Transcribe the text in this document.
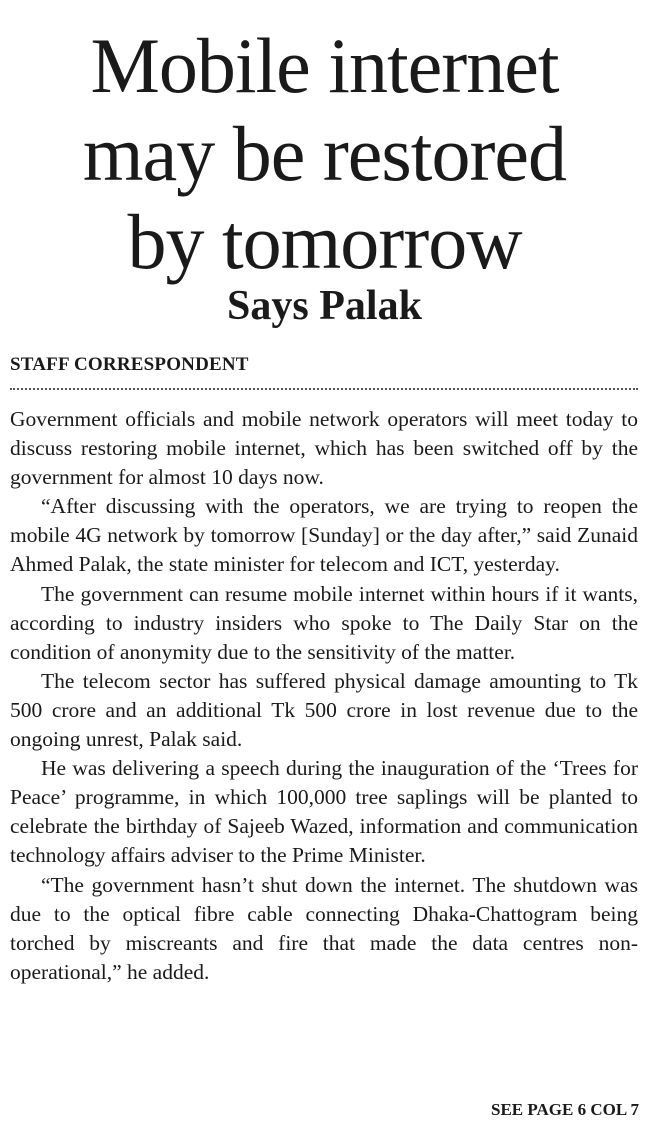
Mobile internet
may be restored
by tomorrow
Says Palak
STAFF CORRESPONDENT

Government officials and mobile network operators will meet today to discuss restoring mobile internet, which has been switched off by the government for almost 10 days now.

“After discussing with the operators, we are trying to reopen the mobile 4G network by tomorrow [Sunday] or the day after,” said Zunaid Ahmed Palak, the state minister for telecom and ICT, yesterday.

The government can resume mobile internet within hours if it wants, according to industry insiders who spoke to The Daily Star on the condition of anonymity due to the sensitivity of the matter.

The telecom sector has suffered physical damage amounting to Tk 500 crore and an additional Tk 500 crore in lost revenue due to the ongoing unrest, Palak said.

He was delivering a speech during the inauguration of the ‘Trees for Peace’ programme, in which 100,000 tree saplings will be planted to celebrate the birthday of Sajeeb Wazed, information and communication technology affairs adviser to the Prime Minister.

“The government hasn’t shut down the internet. The shutdown was due to the optical fibre cable connecting Dhaka-Chattogram being torched by miscreants and fire that made the data centres non-operational,” he added.

SEE PAGE 6 COL 7
